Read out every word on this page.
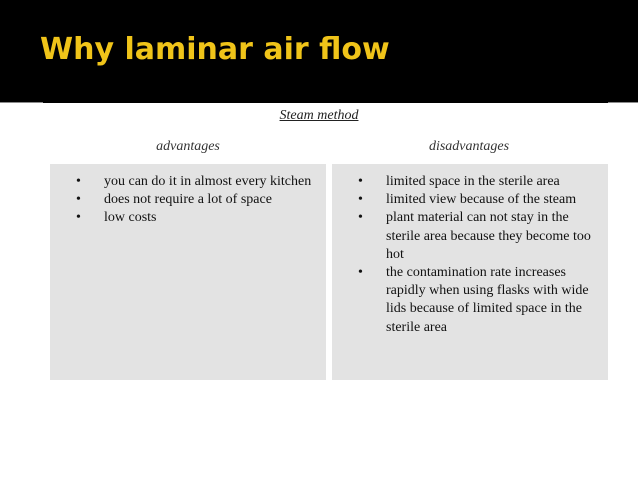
Why laminar air flow
Steam method
advantages	disadvantages
• you can do it in almost every kitchen
• does not require a lot of space
• low costs
• limited space in the sterile area
• limited view because of the steam
• plant material can not stay in the sterile area because they become too hot
• the contamination rate increases rapidly when using flasks with wide lids because of limited space in the sterile area
